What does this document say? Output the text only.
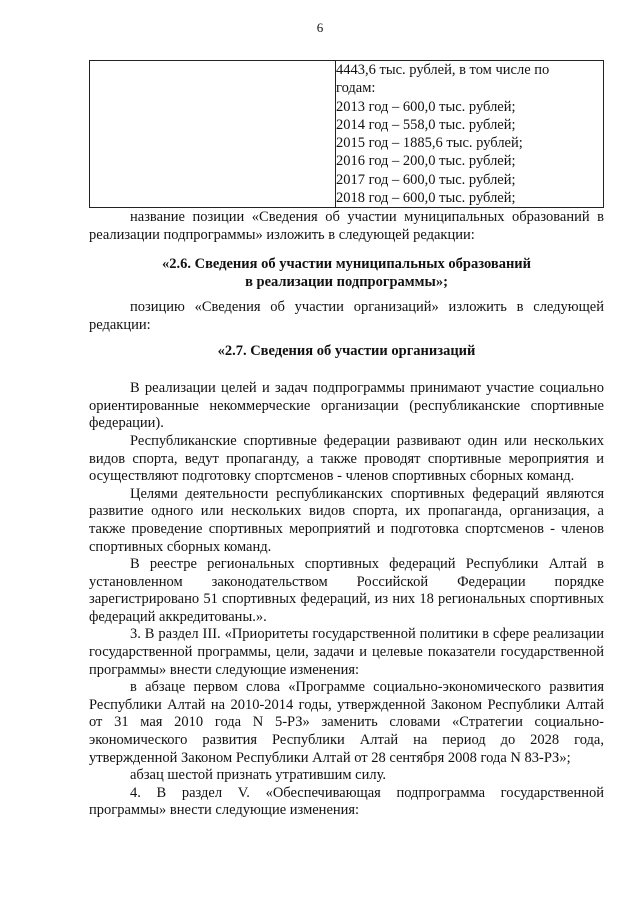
6

4443,6 тыс. рублей, в том числе по
годам:
2013 год – 600,0 тыс. рублей;
2014 год – 558,0 тыс. рублей;
2015 год – 1885,6 тыс. рублей;
2016 год – 200,0 тыс. рублей;
2017 год – 600,0 тыс. рублей;
2018 год – 600,0 тыс. рублей;

название позиции «Сведения об участии муниципальных образований в реализации подпрограммы» изложить в следующей редакции:

«2.6. Сведения об участии муниципальных образований

в реализации подпрограммы»;

позицию «Сведения об участии организаций» изложить в следующей редакции:

«2.7. Сведения об участии организаций

В реализации целей и задач подпрограммы принимают участие социально ориентированные некоммерческие организации (республиканские спортивные федерации).

Республиканские спортивные федерации развивают один или нескольких видов спорта, ведут пропаганду, а также проводят спортивные мероприятия и осуществляют подготовку спортсменов - членов спортивных сборных команд.

Целями деятельности республиканских спортивных федераций являются развитие одного или нескольких видов спорта, их пропаганда, организация, а также проведение спортивных мероприятий и подготовка спортсменов - членов спортивных сборных команд.

В реестре региональных спортивных федераций Республики Алтай в установленном законодательством Российской Федерации порядке зарегистрировано 51 спортивных федераций, из них 18 региональных спортивных федераций аккредитованы.».

3. В раздел III. «Приоритеты государственной политики в сфере реализации государственной программы, цели, задачи и целевые показатели государственной программы» внести следующие изменения:

в абзаце первом слова «Программе социально-экономического развития Республики Алтай на 2010-2014 годы, утвержденной Законом Республики Алтай от 31 мая 2010 года N 5-РЗ» заменить словами «Стратегии социально-экономического развития Республики Алтай на период до 2028 года, утвержденной Законом Республики Алтай от 28 сентября 2008 года N 83-РЗ»;

абзац шестой признать утратившим силу.

4. В раздел V. «Обеспечивающая подпрограмма государственной программы» внести следующие изменения:
